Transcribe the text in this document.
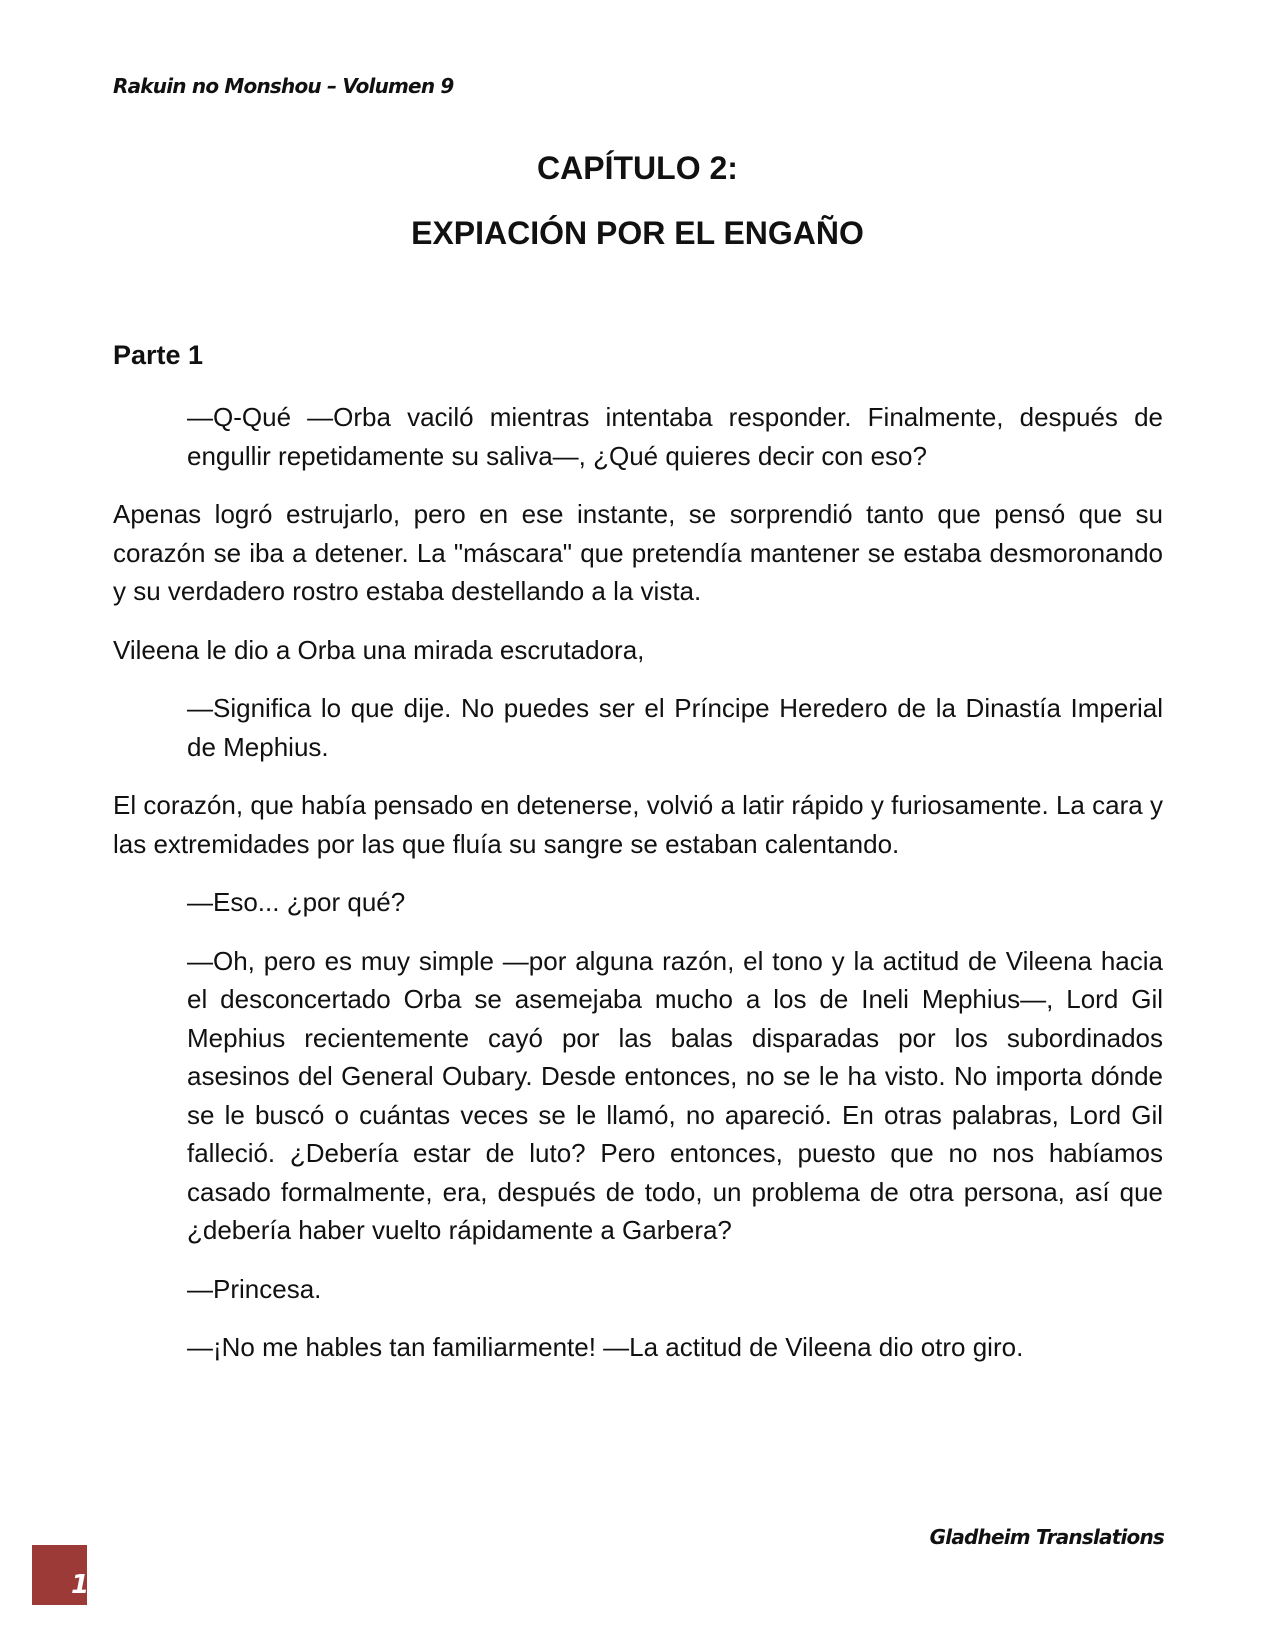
Rakuin no Monshou – Volumen 9
CAPÍTULO 2:
EXPIACIÓN POR EL ENGAÑO
Parte 1

—Q-Qué —Orba vaciló mientras intentaba responder. Finalmente, después de engullir repetidamente su saliva—, ¿Qué quieres decir con eso?

Apenas logró estrujarlo, pero en ese instante, se sorprendió tanto que pensó que su corazón se iba a detener. La "máscara" que pretendía mantener se estaba desmoronando y su verdadero rostro estaba destellando a la vista.

Vileena le dio a Orba una mirada escrutadora,

—Significa lo que dije. No puedes ser el Príncipe Heredero de la Dinastía Imperial de Mephius.

El corazón, que había pensado en detenerse, volvió a latir rápido y furiosamente. La cara y las extremidades por las que fluía su sangre se estaban calentando.

—Eso... ¿por qué?

—Oh, pero es muy simple —por alguna razón, el tono y la actitud de Vileena hacia el desconcertado Orba se asemejaba mucho a los de Ineli Mephius—, Lord Gil Mephius recientemente cayó por las balas disparadas por los subordinados asesinos del General Oubary. Desde entonces, no se le ha visto. No importa dónde se le buscó o cuántas veces se le llamó, no apareció. En otras palabras, Lord Gil falleció. ¿Debería estar de luto? Pero entonces, puesto que no nos habíamos casado formalmente, era, después de todo, un problema de otra persona, así que ¿debería haber vuelto rápidamente a Garbera?

—Princesa.

—¡No me hables tan familiarmente! —La actitud de Vileena dio otro giro.

Gladheim Translations
1
